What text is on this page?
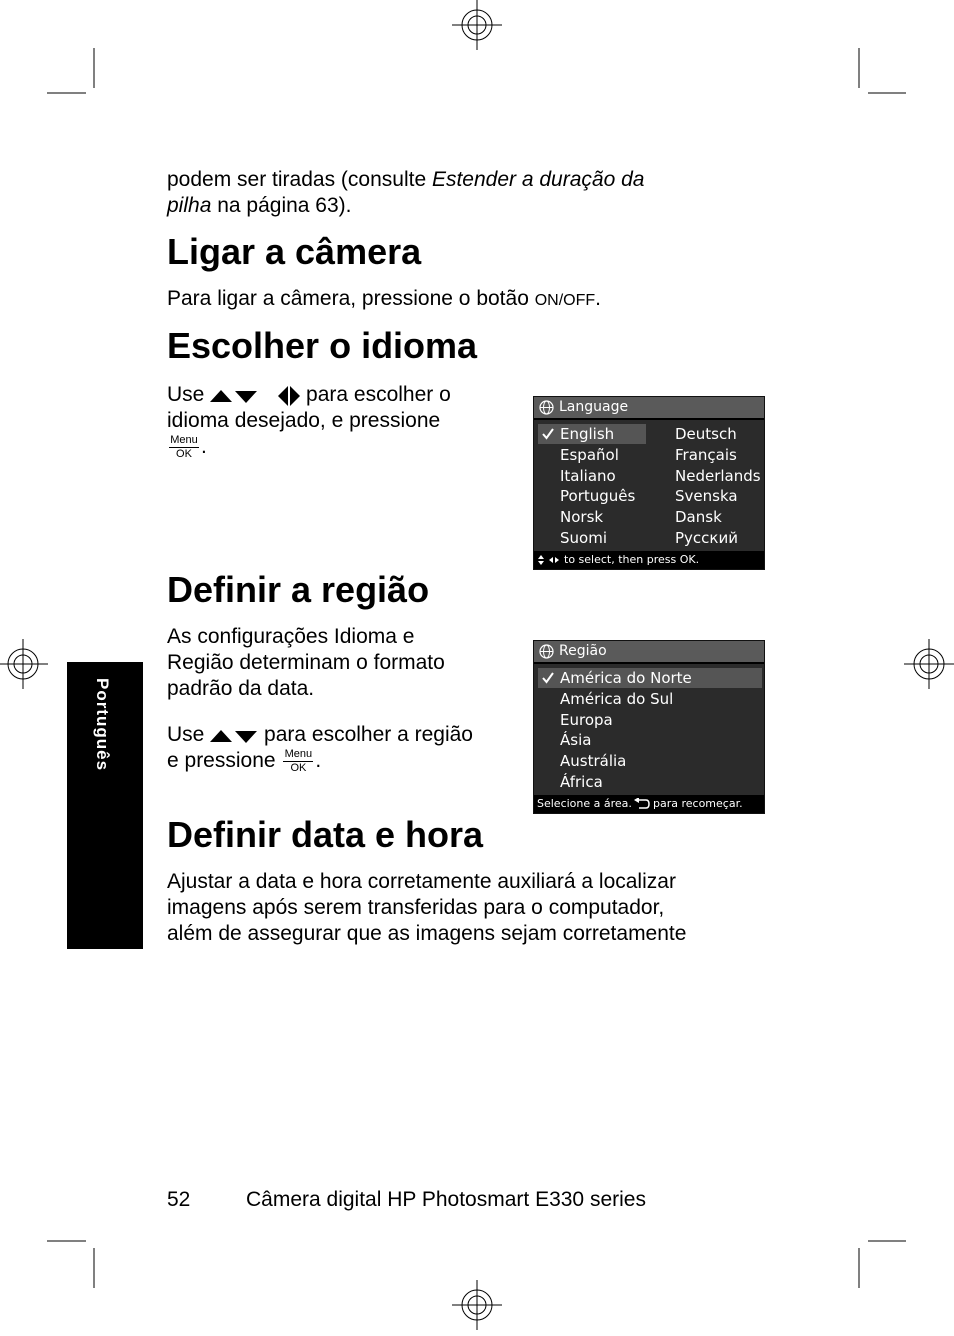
Português
podem ser tiradas (consulte Estender a duração da
pilha na página 63).
Ligar a câmera
Para ligar a câmera, pressione o botão ON/OFF.
Escolher o idioma
Use	para escolher o
idioma desejado, e pressione

Menu
OK .
Language
English
Español
Italiano
Português
Norsk
Suomi
Deutsch
Français
Nederlands
Svenska
Dansk
Русский
to select, then press OK.
Definir a região
As configurações Idioma e
Região determinam o formato
padrão da data.
Use  para escolher a região
e pressione Menu
OK .
Região
América do Norte
América do Sul
Europa
Ásia
Austrália
África
Selecione a área. para recomeçar.
Definir data e hora
Ajustar a data e hora corretamente auxiliará a localizar
imagens após serem transferidas para o computador,
além de assegurar que as imagens sejam corretamente
52	Câmera digital HP Photosmart E330 series
